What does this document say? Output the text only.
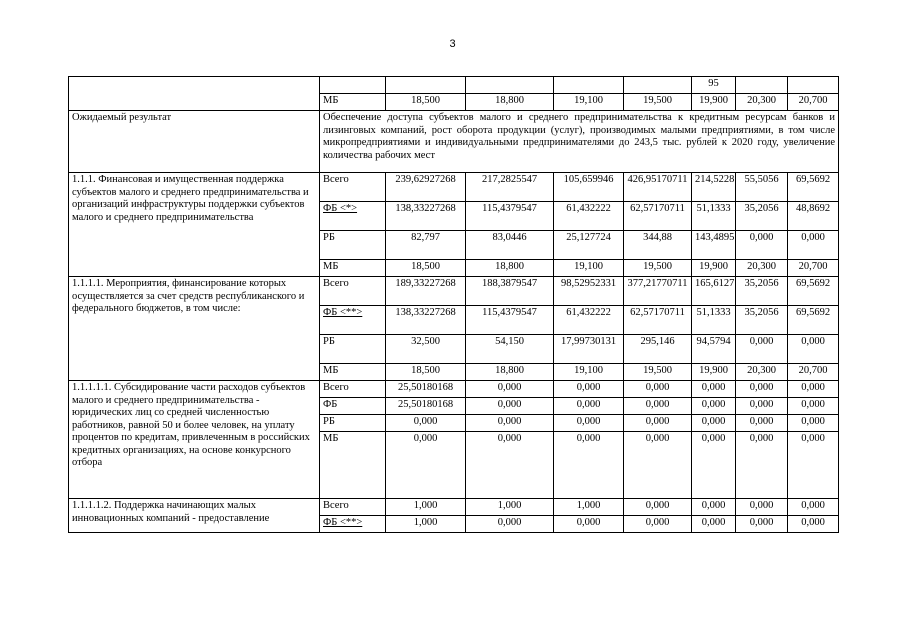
3
						95		
	МБ	18,500	18,800	19,100	19,500	19,900	20,300	20,700
Ожидаемый результат	Обеспечение доступа субъектов малого и среднего предпринимательства к кредитным ресурсам банков и лизинговых компаний, рост оборота продукции (услуг), производимых малыми предприятиями, в том числе микропредприятиями и индивидуальными предпринимателями до 243,5 тыс. рублей к 2020 году, увеличение количества рабочих мест							
1.1.1. Финансовая и имущественная поддержка субъектов малого и среднего предпринимательства и организаций инфраструктуры поддержки субъектов малого и среднего предпринимательства	Всего	239,62927268	217,2825547	105,659946	426,95170711	214,5228	55,5056	69,5692
	ФБ <*>	138,33227268	115,4379547	61,432222	62,57170711	51,1333	35,2056	48,8692
	РБ	82,797	83,0446	25,127724	344,88	143,4895	0,000	0,000
	МБ	18,500	18,800	19,100	19,500	19,900	20,300	20,700
1.1.1.1. Мероприятия, финансирование которых осуществляется за счет средств республиканского и федерального бюджетов, в том числе:	Всего	189,33227268	188,3879547	98,52952331	377,21770711	165,6127	35,2056	69,5692
	ФБ <**>	138,33227268	115,4379547	61,432222	62,57170711	51,1333	35,2056	69,5692
	РБ	32,500	54,150	17,99730131	295,146	94,5794	0,000	0,000
	МБ	18,500	18,800	19,100	19,500	19,900	20,300	20,700
1.1.1.1.1. Субсидирование части расходов субъектов малого и среднего предпринимательства - юридических лиц со средней численностью работников, равной 50 и более человек, на уплату процентов по кредитам, привлеченным в российских кредитных организациях, на основе конкурсного отбора	Всего	25,50180168	0,000	0,000	0,000	0,000	0,000	0,000
	ФБ	25,50180168	0,000	0,000	0,000	0,000	0,000	0,000
	РБ	0,000	0,000	0,000	0,000	0,000	0,000	0,000
	МБ	0,000	0,000	0,000	0,000	0,000	0,000	0,000
1.1.1.1.2. Поддержка начинающих малых инновационных компаний - предоставление	Всего	1,000	1,000	1,000	0,000	0,000	0,000	0,000
	ФБ <**>	1,000	0,000	0,000	0,000	0,000	0,000	0,000
